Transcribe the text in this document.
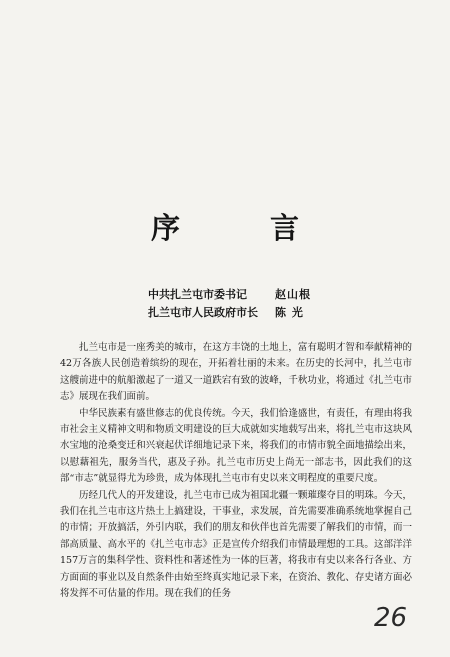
序 言
中共扎兰屯市委书记	赵山根
扎兰屯市人民政府市长	陈 光

扎兰屯市是一座秀美的城市，在这方丰饶的土地上，富有聪明才智和奉献精神的42万各族人民创造着缤纷的现在，开拓着壮丽的未来。在历史的长河中，扎兰屯市这艘前进中的航船激起了一道又一道跌宕有致的波峰，千秋功业，将通过《扎兰屯市志》展现在我们面前。

中华民族素有盛世修志的优良传统。今天，我们恰逢盛世，有责任，有理由将我市社会主义精神文明和物质文明建设的巨大成就如实地载写出来，将扎兰屯市这块风水宝地的沧桑变迁和兴衰起伏详细地记录下来，将我们的市情市貌全面地描绘出来，以慰藉祖先，服务当代，惠及子孙。扎兰屯市历史上尚无一部志书，因此我们的这部“市志”就显得尤为珍贵，成为体现扎兰屯市有史以来文明程度的重要尺度。

历经几代人的开发建设，扎兰屯市已成为祖国北疆一颗璀璨夺目的明珠。今天，我们在扎兰屯市这片热土上搞建设，干事业，求发展，首先需要准确系统地掌握自己的市情；开放搞活，外引内联，我们的朋友和伙伴也首先需要了解我们的市情，而一部高质量、高水平的《扎兰屯市志》正是宣传介绍我们市情最理想的工具。这部洋洋157万言的集科学性、资料性和著述性为一体的巨著，将我市有史以来各行各业、方方面面的事业以及自然条件由始至终真实地记录下来，在资治、教化、存史诸方面必将发挥不可估量的作用。现在我们的任务

26
